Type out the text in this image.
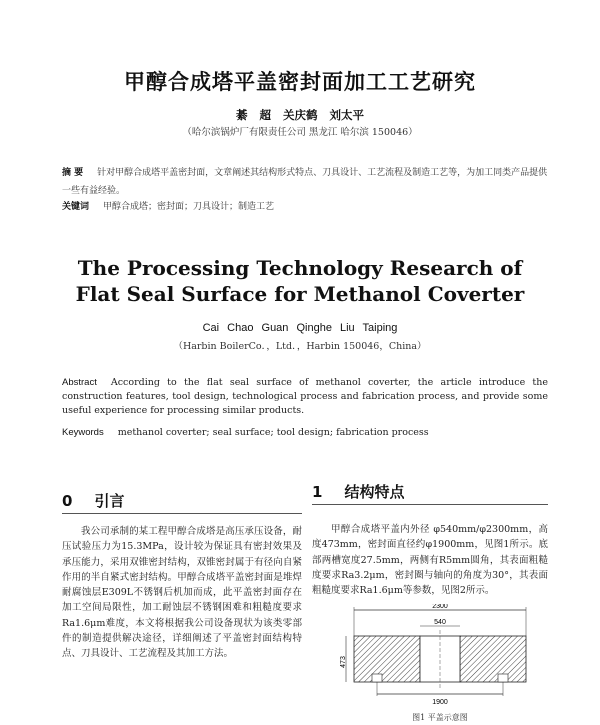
甲醇合成塔平盖密封面加工工艺研究
綦 超 关庆鹤 刘太平
（哈尔滨锅炉厂有限责任公司 黑龙江 哈尔滨 150046）
摘 要 针对甲醇合成塔平盖密封面，文章阐述其结构形式特点、刀具设计、工艺流程及制造工艺等，为加工同类产品提供一些有益经验。
关键词 甲醇合成塔；密封面；刀具设计；制造工艺
The Processing Technology Research of
Flat Seal Surface for Methanol Coverter
Cai Chao Guan Qinghe Liu Taiping
（Harbin BoilerCo．，Ltd．，Harbin 150046，China）
Abstract According to the flat seal surface of methanol coverter, the article introduce the construction features, tool design, technological process and fabrication process, and provide some useful experience for processing similar products.
Keywords methanol coverter; seal surface; tool design; fabrication process
0 引言
我公司承制的某工程甲醇合成塔是高压承压设备，耐压试验压力为15.3MPa，设计较为保证具有密封效果及承压能力，采用双锥密封结构，双锥密封属于有径向自紧作用的半自紧式密封结构。甲醇合成塔平盖密封面是堆焊耐腐蚀层E309L不锈钢后机加而成，此平盖密封面存在加工空间局限性，加工耐蚀层不锈钢困难和粗糙度要求Ra1.6μm难度，本文将根据我公司设备现状为该类零部件的制造提供解决途径，详细阐述了平盖密封面结构特点、刀具设计、工艺流程及其加工方法。
1 结构特点
甲醇合成塔平盖内外径 φ540mm/φ2300mm，高度473mm，密封面直径约φ1900mm，见图1所示。底部两槽宽度27.5mm，两侧有R5mm圆角，其表面粗糙度要求Ra3.2μm，密封圈与轴向的角度为30°，其表面粗糙度要求Ra1.6μm等参数，见图2所示。
2300
540
473
1900
图1 平盖示意图
